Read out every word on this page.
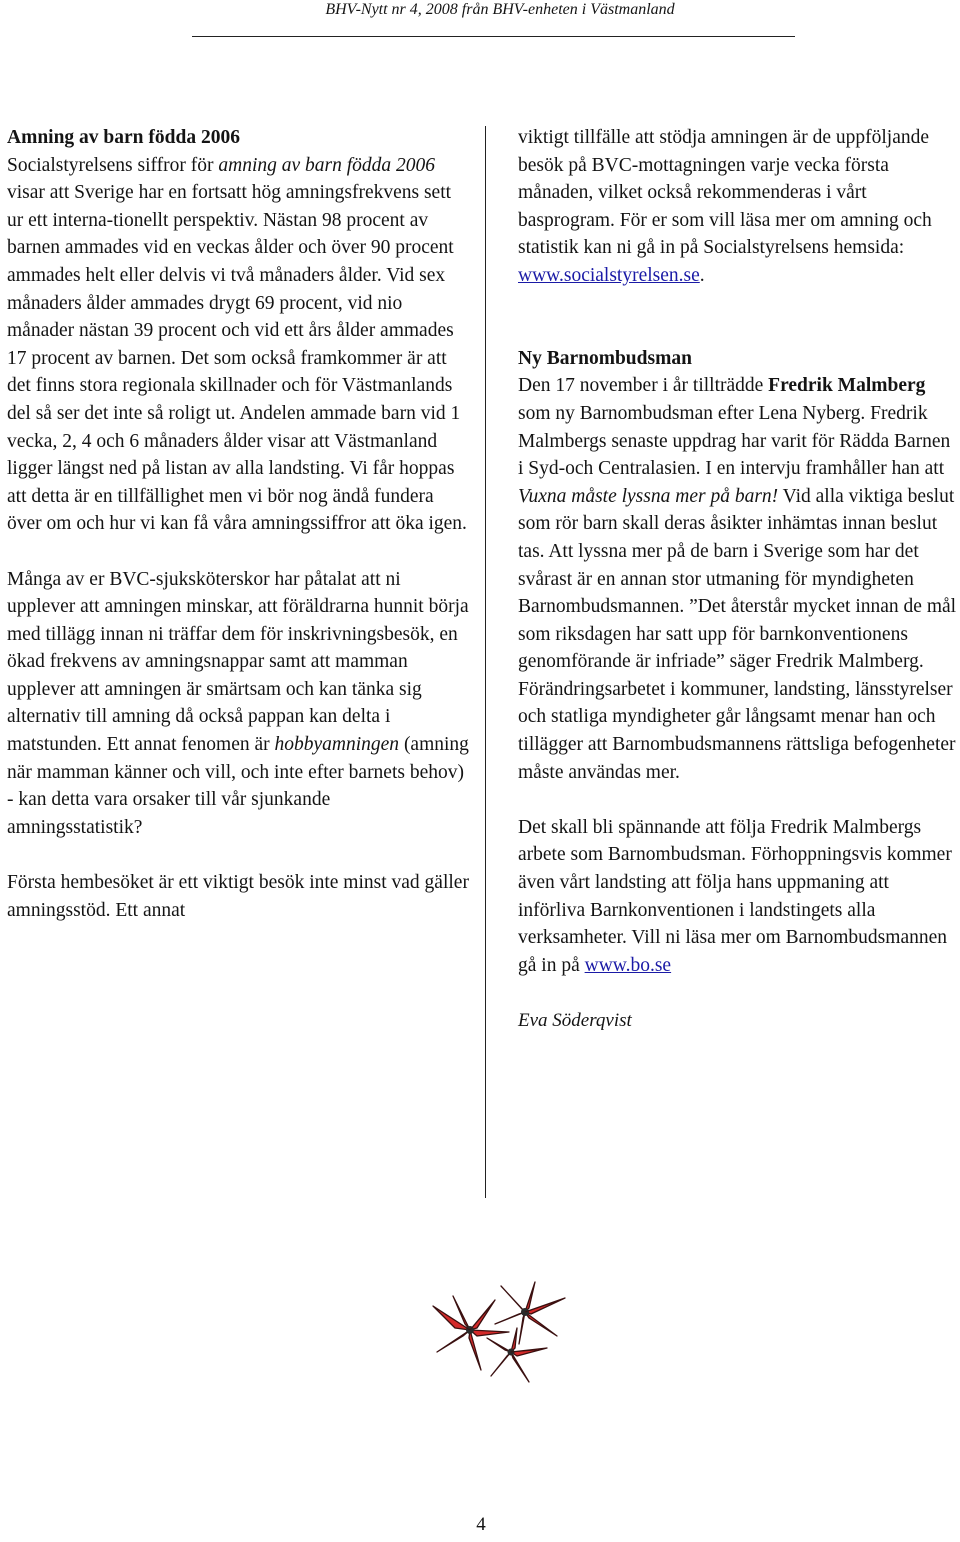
BHV-Nytt nr 4, 2008 från BHV-enheten i Västmanland

Amning av barn födda 2006

Socialstyrelsens siffror för amning av barn födda 2006 visar att Sverige har en fortsatt hög amningsfrekvens sett ur ett interna-tionellt perspektiv. Nästan 98 procent av barnen ammades vid en veckas ålder och över 90 procent ammades helt eller delvis vi två månaders ålder. Vid sex månaders ålder ammades drygt 69 procent, vid nio månader nästan 39 procent och vid ett års ålder ammades 17 procent av barnen. Det som också framkommer är att det finns stora regionala skillnader och för Västmanlands del så ser det inte så roligt ut. Andelen ammade barn vid 1 vecka, 2, 4 och 6 månaders ålder visar att Västmanland ligger längst ned på listan av alla landsting. Vi får hoppas att detta är en tillfällighet men vi bör nog ändå fundera över om och hur vi kan få våra amningssiffror att öka igen.

Många av er BVC-sjuksköterskor har påtalat att ni upplever att amningen minskar, att föräldrarna hunnit börja med tillägg innan ni träffar dem för inskrivningsbesök, en ökad frekvens av amningsnappar samt att mamman upplever att amningen är smärtsam och kan tänka sig alternativ till amning då också pappan kan delta i matstunden. Ett annat fenomen är hobbyamningen (amning när mamman känner och vill, och inte efter barnets behov) - kan detta vara orsaker till vår sjunkande amningsstatistik?

Första hembesöket är ett viktigt besök inte minst vad gäller amningsstöd. Ett annat

viktigt tillfälle att stödja amningen är de uppföljande besök på BVC-mottagningen varje vecka första månaden, vilket också rekommenderas i vårt basprogram. För er som vill läsa mer om amning och statistik kan ni gå in på Socialstyrelsens hemsida: www.socialstyrelsen.se.

Ny Barnombudsman

Den 17 november i år tillträdde Fredrik Malmberg som ny Barnombudsman efter Lena Nyberg. Fredrik Malmbergs senaste uppdrag har varit för Rädda Barnen i Syd-och Centralasien. I en intervju framhåller han att Vuxna måste lyssna mer på barn! Vid alla viktiga beslut som rör barn skall deras åsikter inhämtas innan beslut tas. Att lyssna mer på de barn i Sverige som har det svårast är en annan stor utmaning för myndigheten Barnombudsmannen. ”Det återstår mycket innan de mål som riksdagen har satt upp för barnkonventionens genomförande är infriade” säger Fredrik Malmberg. Förändringsarbetet i kommuner, landsting, länsstyrelser och statliga myndigheter går långsamt menar han och tillägger att Barnombudsmannens rättsliga befogenheter måste användas mer.

Det skall bli spännande att följa Fredrik Malmbergs arbete som Barnombudsman. Förhoppningsvis kommer även vårt landsting att följa hans uppmaning att införliva Barnkonventionen i landstingets alla verksamheter. Vill ni läsa mer om Barnombudsmannen gå in på www.bo.se

Eva Söderqvist

4
